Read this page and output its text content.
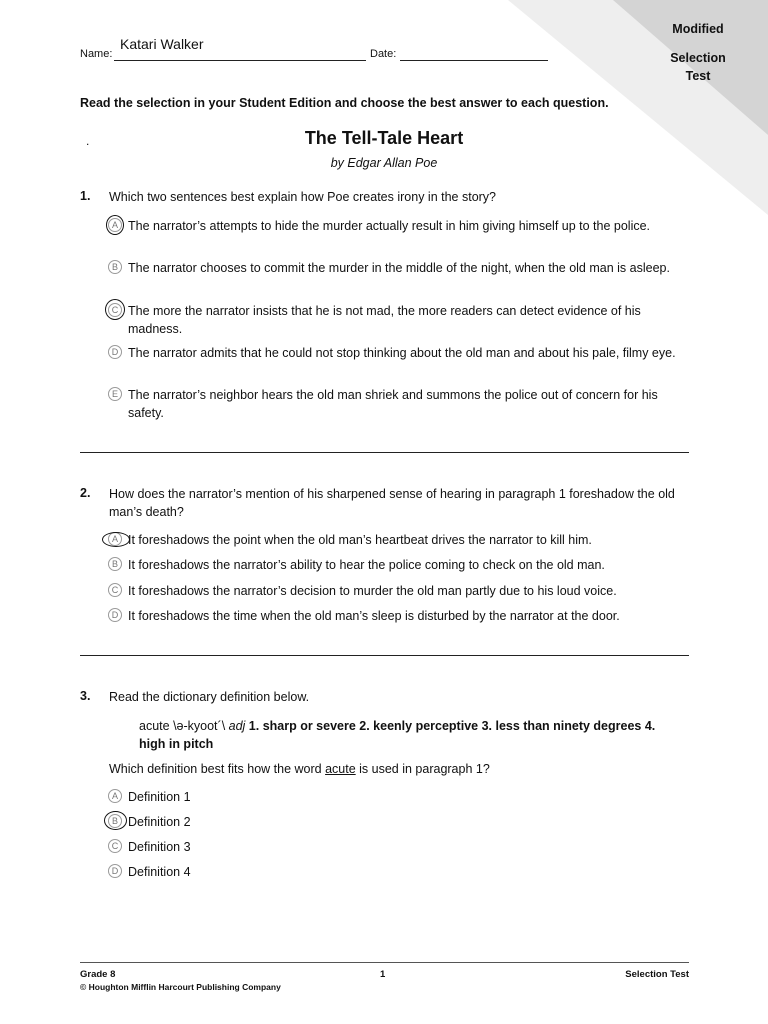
Modified
Selection
Test
Name:
Katari Walker
Date:
Read the selection in your Student Edition and choose the best answer to each question.
.	The Tell-Tale Heart
by Edgar Allan Poe
1. Which two sentences best explain how Poe creates irony in the story?
A The narrator’s attempts to hide the murder actually result in him giving himself up to the police.
B The narrator chooses to commit the murder in the middle of the night, when the old man is asleep.
C The more the narrator insists that he is not mad, the more readers can detect evidence of his madness.
D The narrator admits that he could not stop thinking about the old man and about his pale, filmy eye.
E The narrator’s neighbor hears the old man shriek and summons the police out of concern for his safety.
2. How does the narrator’s mention of his sharpened sense of hearing in paragraph 1 foreshadow the old man’s death?
A It foreshadows the point when the old man’s heartbeat drives the narrator to kill him.
B It foreshadows the narrator’s ability to hear the police coming to check on the old man.
C It foreshadows the narrator’s decision to murder the old man partly due to his loud voice.
D It foreshadows the time when the old man’s sleep is disturbed by the narrator at the door.
3. Read the dictionary definition below.
acute \ə-kyoot´\ adj 1. sharp or severe 2. keenly perceptive 3. less than ninety degrees 4. high in pitch
Which definition best fits how the word acute is used in paragraph 1?
A Definition 1
B Definition 2
C Definition 3
D Definition 4
Grade 8
© Houghton Mifflin Harcourt Publishing Company
1	Selection Test
